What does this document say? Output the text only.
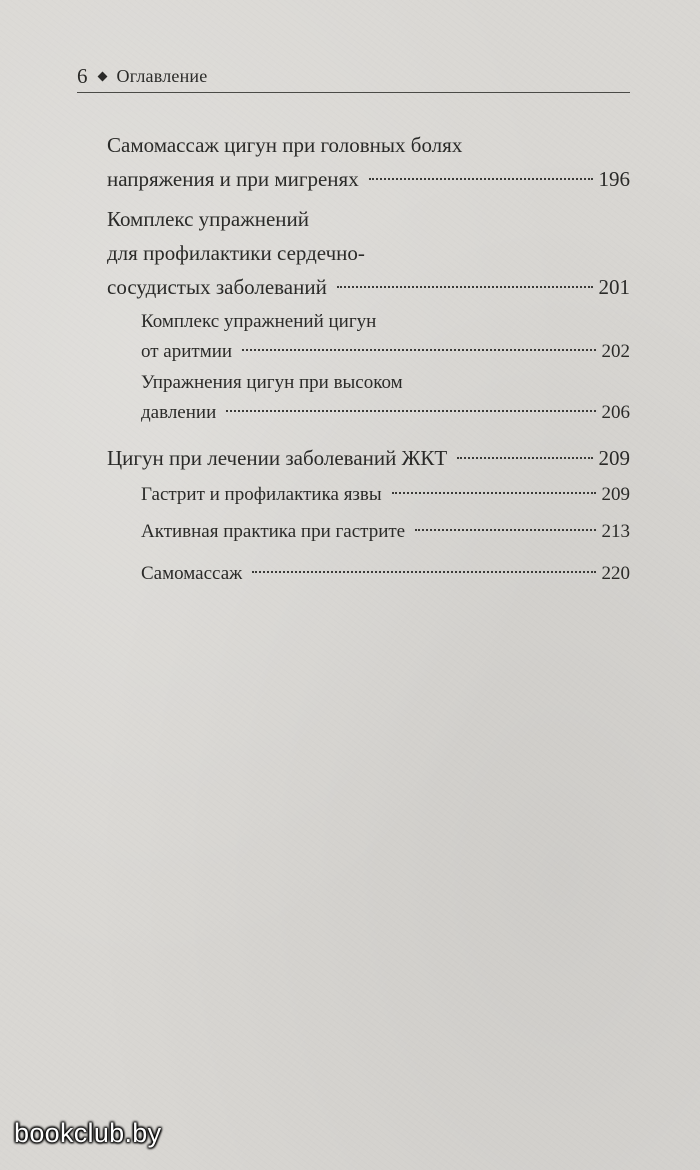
6 Оглавление
Самомассаж цигун при головных болях
напряжения и при мигренях	196
Комплекс упражнений
для профилактики сердечно-
сосудистых заболеваний	201
Комплекс упражнений цигун
от аритмии	202
Упражнения цигун при высоком
давлении	206
Цигун при лечении заболеваний ЖКТ	209
Гастрит и профилактика язвы	209
Активная практика при гастрите	213
Самомассаж	220
bookclub.by
